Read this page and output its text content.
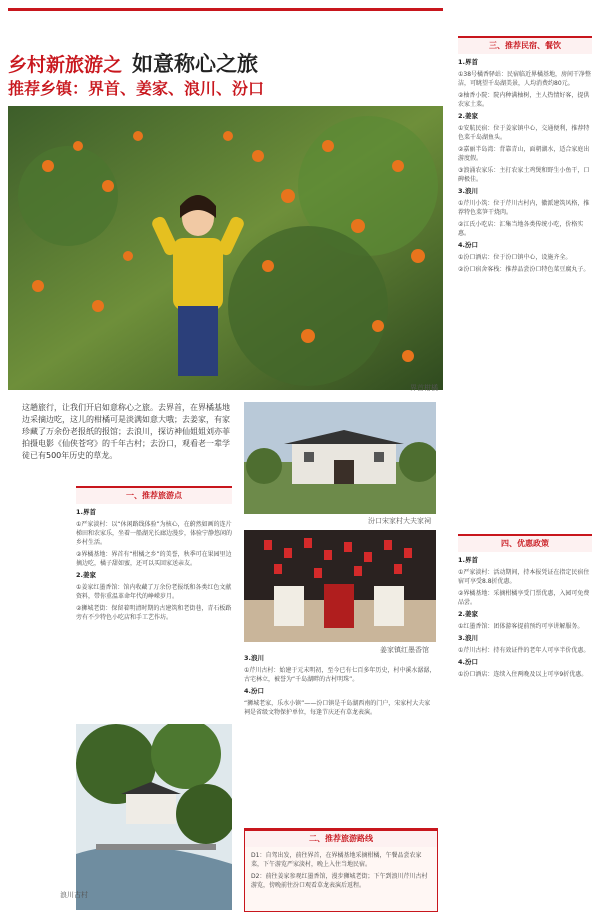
乡村新旅游之 如意称心之旅
推荐乡镇：界首、姜家、浪川、汾口
界首柑橘
这趟旅行，让我们开启如意称心之旅。去界首，在界橘基地边采摘边吃，这儿的柑橘可是淡满如意大哦；去姜家，有家珍藏了万余份老报纸的报馆；去浪川，探访神仙姐姐刘亦菲拍摄电影《仙侠苍穹》的千年古村；去汾口，观看老一辈学徒已有500年历史的草龙。
汾口宋家村大夫家祠
姜家镇红墨香馆
一、推荐旅游点

1.界首

①严家淡村：以“休闲路线体验”为核心，在蔚然如画的连片梯田和农家乐，坐着一船湖光长廊边漫步，体验宁静悠闲的乡村生活。

②界橘基地：界首有“柑橘之乡”的美誉，秋季可在果园里边摘边吃，橘子甜如蜜，还可以买回家送亲友。

2.姜家

①姜家红墨香馆：馆内收藏了万余份老报纸和各类红色文献资料，带你重温革命年代的峥嵘岁月。

②狮城老街：保留着明清时期的古建筑和老街巷，青石板路旁有不少特色小吃店和手工艺作坊。

浪川古村

3.浪川

①芹川古村：始建于元末明初，至今已有七百多年历史，村中溪水潺潺，古宅林立，被誉为“千岛湖畔的古村明珠”。

4.汾口

“狮城老家，乐水小镇”——汾口镇是千岛湖西南的门户，宋家村大夫家祠是省级文物保护单位，每逢节庆还有草龙表演。

二、推荐旅游路线

D1：自驾出发，前往界首，在界橘基地采摘柑橘，午餐品尝农家菜，下午游览严家淡村，晚上入住当地民宿。

D2：前往姜家参观红墨香馆，漫步狮城老街；下午到浪川芹川古村游览，傍晚前往汾口观看草龙表演后返程。

三、推荐民宿、餐饮

1.界首

①38号橘香驿站：民宿临近界橘基地，房间干净整洁，可眺望千岛湖美景，人均消费约80元。

②柚香小院：院内种满柚树，主人热情好客，提供农家土菜。

2.姜家

①安航民宿：位于姜家镇中心，交通便利，推荐特色菜千岛湖鱼头。

②嘉丽半岛湾：背靠青山，面朝湖水，适合家庭出游度假。

③浪涌农家乐：主打农家土鸡煲和野生小鱼干，口碑极佳。

3.浪川

①芹川小筑：位于芹川古村内，徽派建筑风格，推荐特色菜笋干烧肉。

②江氏小吃店：汇集当地各类传统小吃，价格实惠。

4.汾口

①汾口酒店：位于汾口镇中心，设施齐全。

②汾口宿舍客栈：推荐品尝汾口特色菜豆腐丸子。

四、优惠政策

1.界首

①严家淡村：活动期间，持本报凭证在指定民宿住宿可享受8.8折优惠。

②界橘基地：采摘柑橘享受门票优惠，入园可免费品尝。

2.姜家

①红墨香馆：团体游客提前预约可享讲解服务。

3.浪川

①芹川古村：持有效证件的老年人可享半价优惠。

4.汾口

①汾口酒店：连续入住两晚及以上可享9折优惠。
